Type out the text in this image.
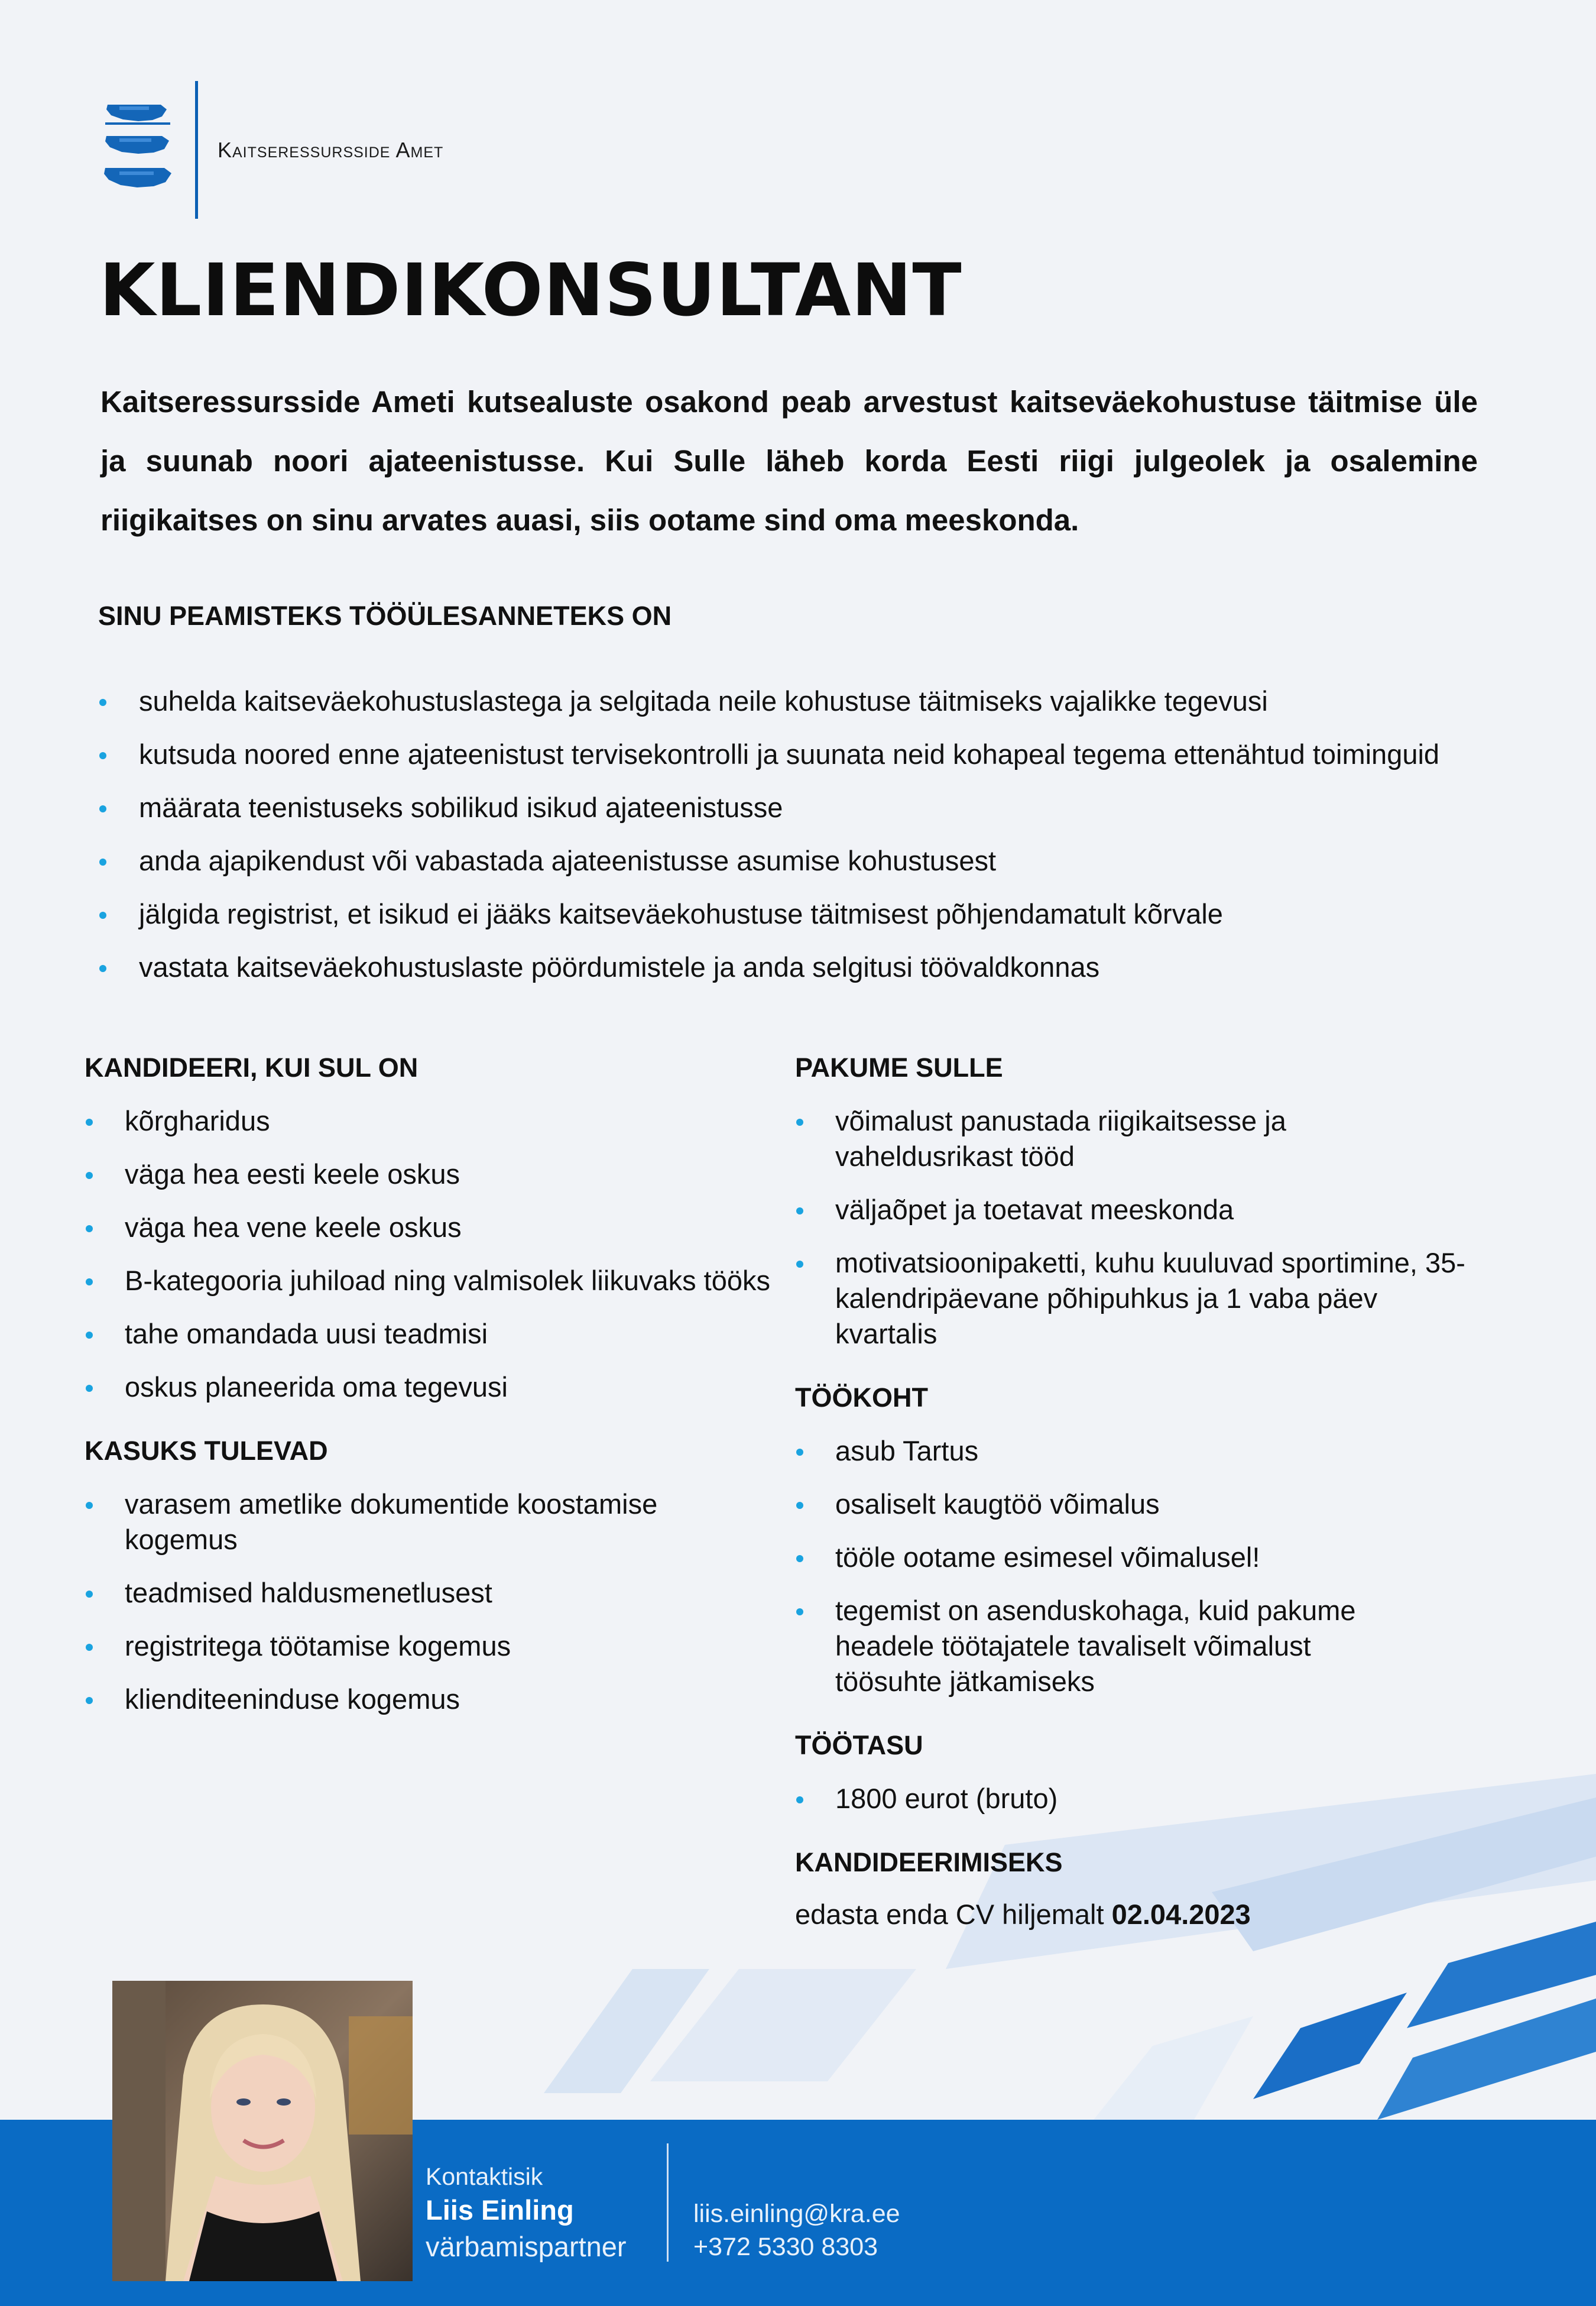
Kaitseressursside Amet
KLIENDIKONSULTANT
Kaitseressursside Ameti kutsealuste osakond peab arvestust kaitseväekohustuse täitmise üle ja suunab noori ajateenistusse. Kui Sulle läheb korda Eesti riigi julgeolek ja osalemine riigikaitses on sinu arvates auasi, siis ootame sind oma meeskonda.
SINU PEAMISTEKS TÖÖÜLESANNETEKS ON
suhelda kaitseväekohustuslastega ja selgitada neile kohustuse täitmiseks vajalikke tegevusi
kutsuda noored enne ajateenistust tervisekontrolli ja suunata neid kohapeal tegema ettenähtud toiminguid
määrata teenistuseks sobilikud isikud ajateenistusse
anda ajapikendust või vabastada ajateenistusse asumise kohustusest
jälgida registrist, et isikud ei jääks kaitseväekohustuse täitmisest põhjendamatult kõrvale
vastata kaitseväekohustuslaste pöördumistele ja anda selgitusi töövaldkonnas
KANDIDEERI, KUI SUL ON
kõrgharidus
väga hea eesti keele oskus
väga hea vene keele oskus
B-kategooria juhiload ning valmisolek liikuvaks tööks
tahe omandada uusi teadmisi
oskus planeerida oma tegevusi
KASUKS TULEVAD
varasem ametlike dokumentide koostamise kogemus
teadmised haldusmenetlusest
registritega töötamise kogemus
klienditeeninduse kogemus
PAKUME SULLE
võimalust panustada riigikaitsesse ja vaheldusrikast tööd
väljaõpet ja toetavat meeskonda
motivatsioonipaketti, kuhu kuuluvad sportimine, 35-kalendripäevane põhipuhkus ja 1 vaba päev kvartalis
TÖÖKOHT
asub Tartus
osaliselt kaugtöö võimalus
tööle ootame esimesel võimalusel!
tegemist on asenduskohaga, kuid pakume headele töötajatele tavaliselt võimalust töösuhte jätkamiseks
TÖÖTASU
1800 eurot (bruto)
KANDIDEERIMISEKS
edasta enda CV hiljemalt 02.04.2023
Kontaktisik
Liis Einling
värbamispartner
liis.einling@kra.ee
+372 5330 8303
